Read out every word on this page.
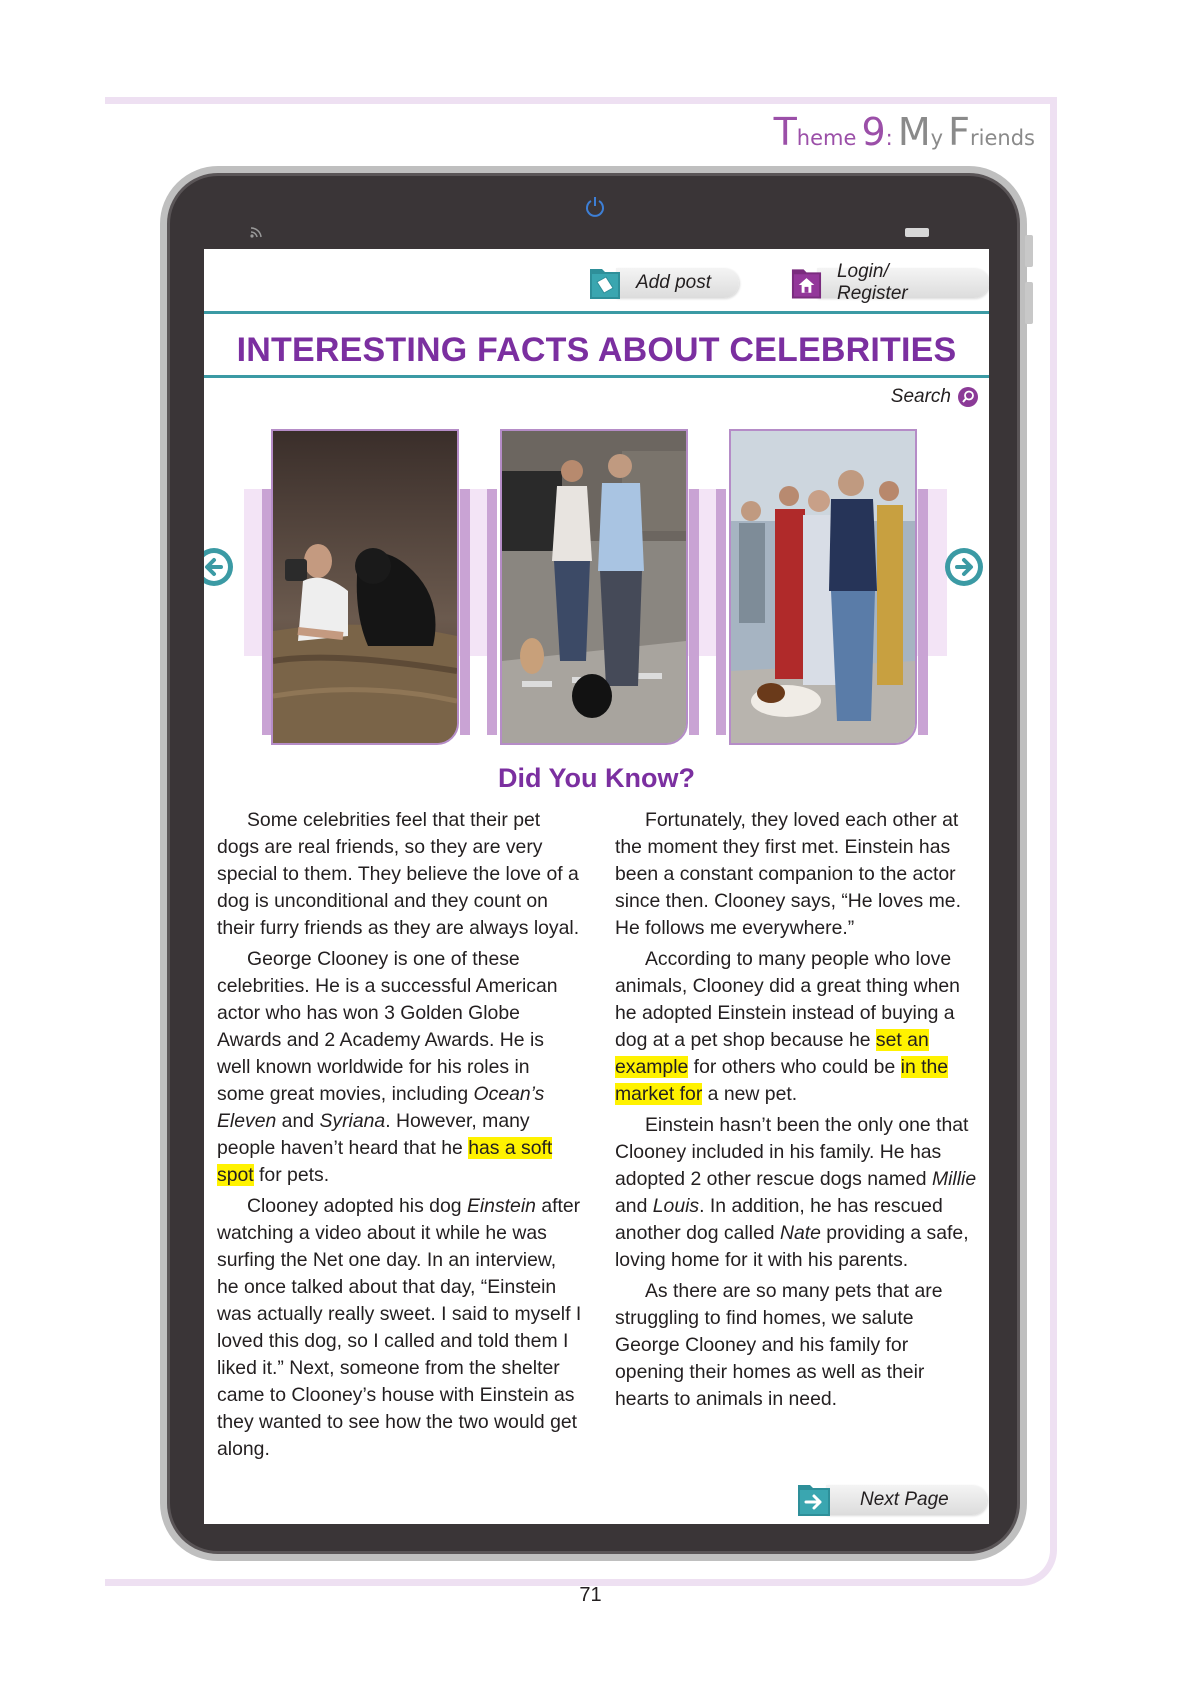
Theme 9: My Friends
Add post
Login/ Register
INTERESTING FACTS ABOUT CELEBRITIES
Search
Did You Know?

Some celebrities feel that their pet dogs are real friends, so they are very special to them. They believe the love of a dog is unconditional and they count on their furry friends as they are always loyal.

George Clooney is one of these celebrities. He is a successful American actor who has won 3 Golden Globe Awards and 2 Academy Awards. He is well known worldwide for his roles in some great movies, including Ocean’s Eleven and Syriana. However, many people haven’t heard that he has a soft spot for pets.

Clooney adopted his dog Einstein after watching a video about it while he was surfing the Net one day. In an interview, he once talked about that day, “Einstein was actually really sweet. I said to myself I loved this dog, so I called and told them I liked it.” Next, someone from the shelter came to Clooney’s house with Einstein as they wanted to see how the two would get along.

Fortunately, they loved each other at the moment they first met. Einstein has been a constant companion to the actor since then. Clooney says, “He loves me. He follows me everywhere.”

According to many people who love animals, Clooney did a great thing when he adopted Einstein instead of buying a dog at a pet shop because he set an example for others who could be in the market for a new pet.

Einstein hasn’t been the only one that Clooney included in his family. He has adopted 2 other rescue dogs named Millie and Louis. In addition, he has rescued another dog called Nate providing a safe, loving home for it with his parents.

As there are so many pets that are struggling to find homes, we salute George Clooney and his family for opening their homes as well as their hearts to animals in need.

Next Page
71
